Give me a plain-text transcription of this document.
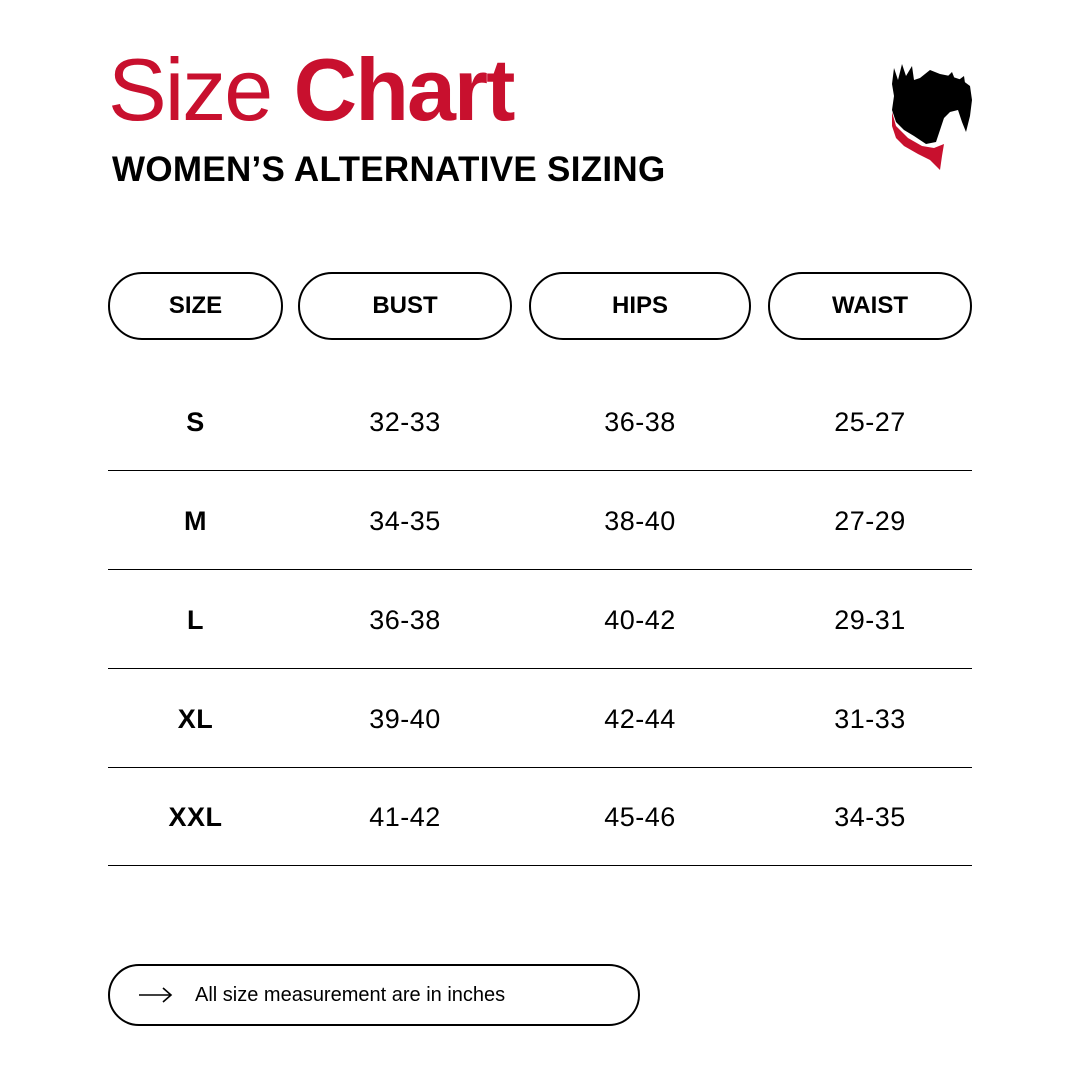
Size Chart
WOMEN’S ALTERNATIVE SIZING
SIZE	BUST	HIPS	WAIST
S	32-33	36-38	25-27
M	34-35	38-40	27-29
L	36-38	40-42	29-31
XL	39-40	42-44	31-33
XXL	41-42	45-46	34-35
All size measurement are in inches
